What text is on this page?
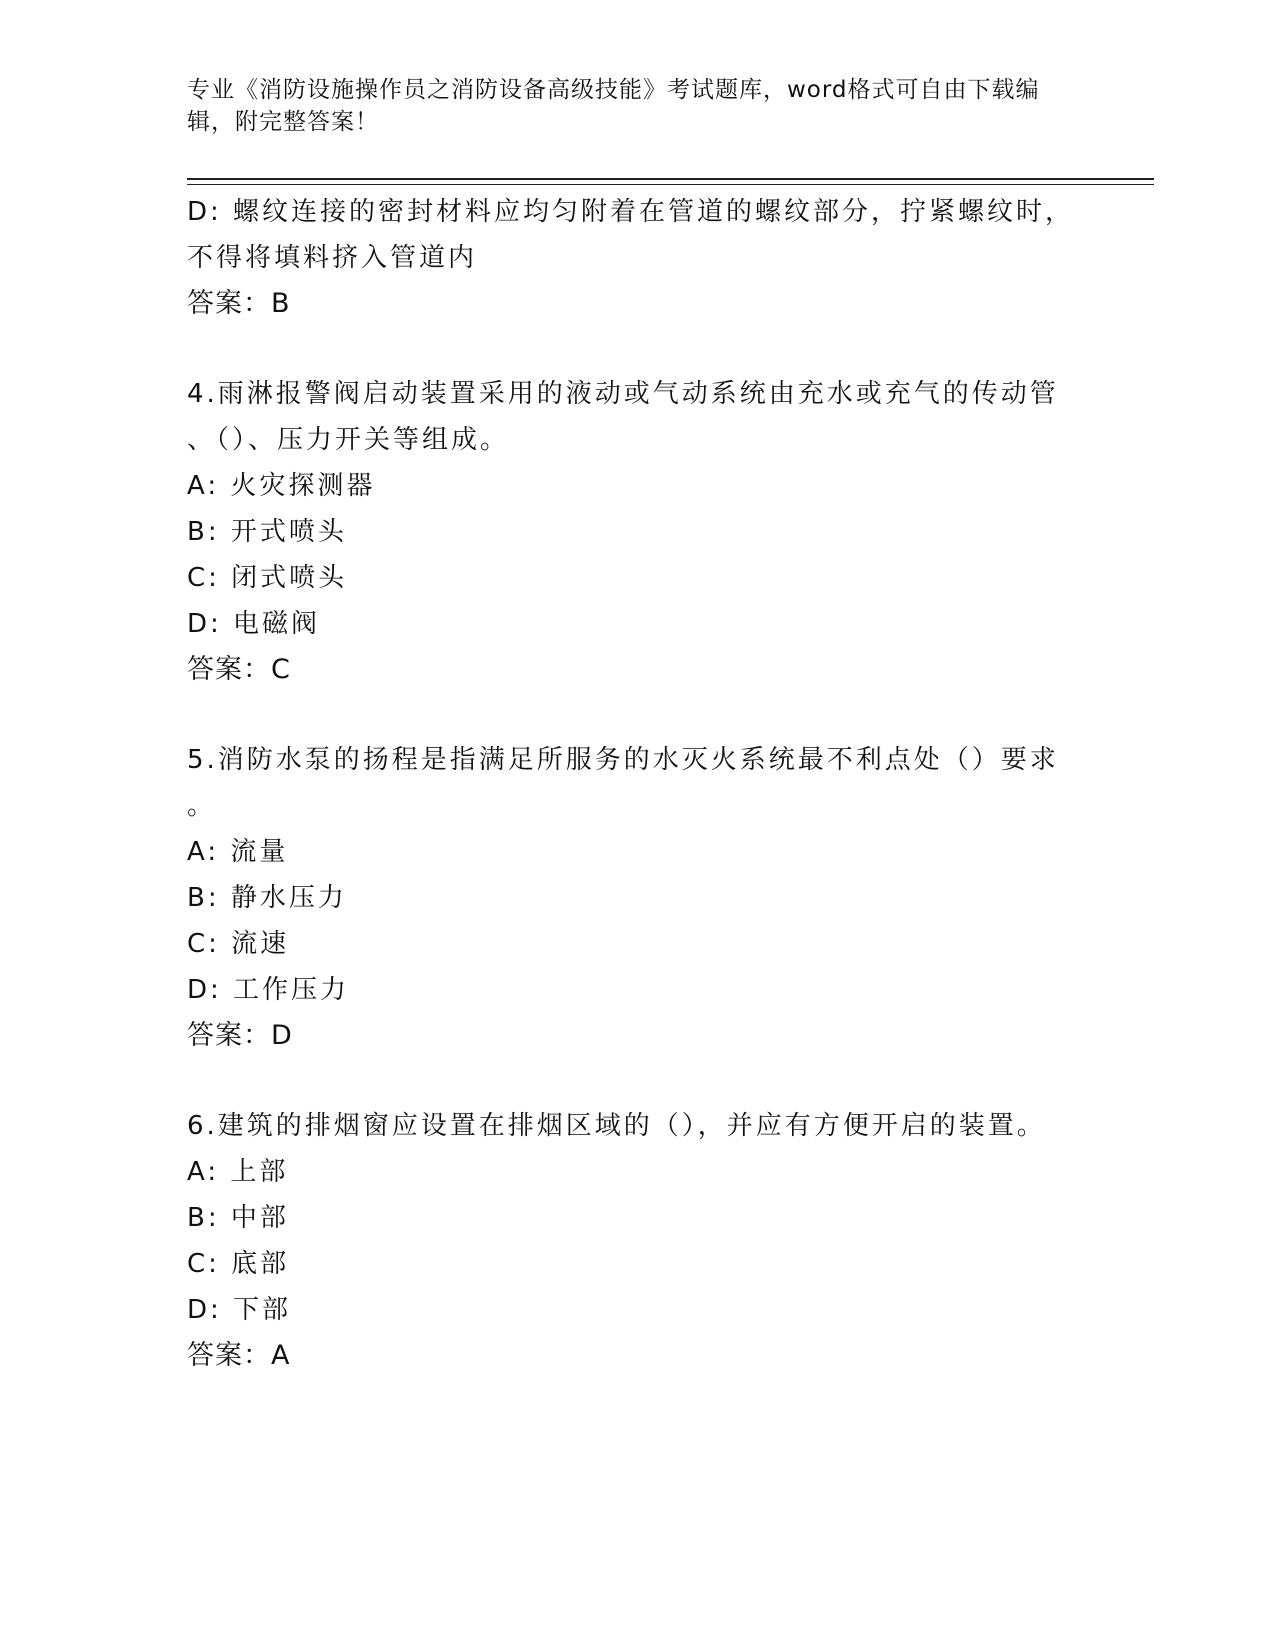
专业《消防设施操作员之消防设备高级技能》考试题库，word格式可自由下载编
辑，附完整答案！
D: 螺纹连接的密封材料应均匀附着在管道的螺纹部分，拧紧螺纹时，
不得将填料挤入管道内
答案：B
4.雨淋报警阀启动装置采用的液动或气动系统由充水或充气的传动管
、（）、压力开关等组成。
A: 火灾探测器
B: 开式喷头
C: 闭式喷头
D: 电磁阀
答案：C
5.消防水泵的扬程是指满足所服务的水灭火系统最不利点处（）要求
。
A: 流量
B: 静水压力
C: 流速
D: 工作压力
答案：D
6.建筑的排烟窗应设置在排烟区域的（），并应有方便开启的装置。
A: 上部
B: 中部
C: 底部
D: 下部
答案：A
